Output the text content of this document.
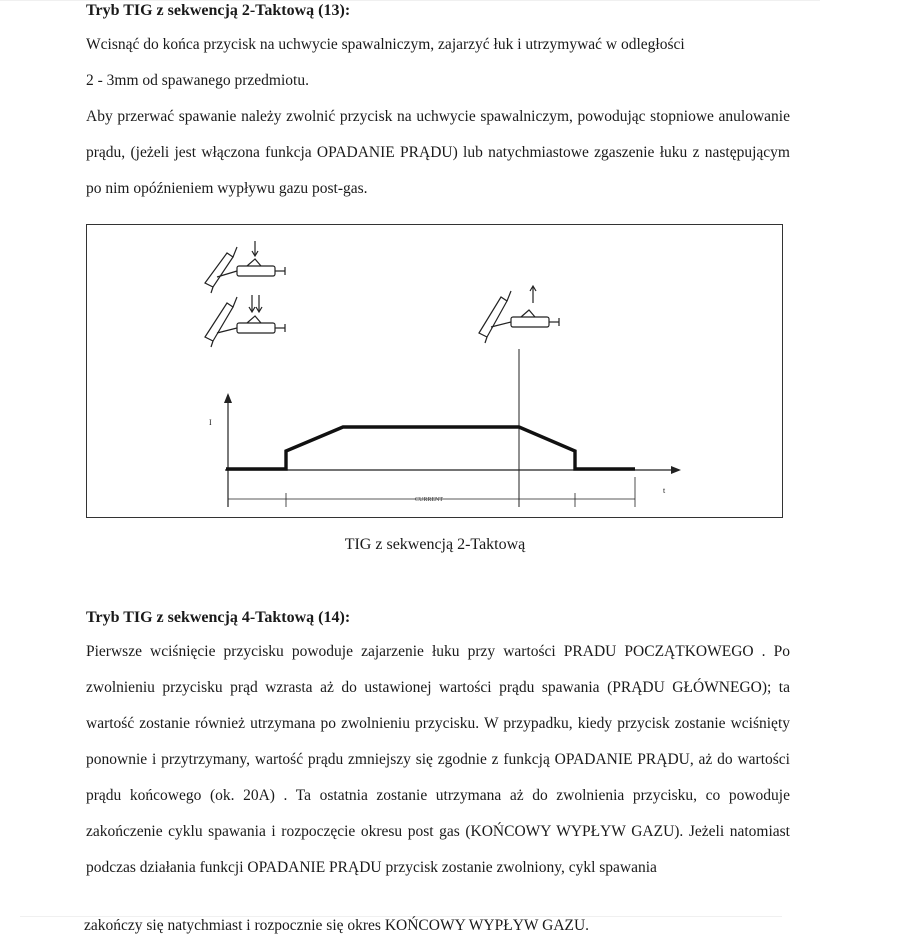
Tryb TIG z sekwencją 2-Taktową (13):

Wcisnąć do końca przycisk na uchwycie spawalniczym, zajarzyć łuk i utrzymywać w odległości

2 - 3mm od spawanego przedmiotu.

Aby przerwać spawanie należy zwolnić przycisk na uchwycie spawalniczym, powodując stopniowe anulowanie prądu, (jeżeli jest włączona funkcja OPADANIE PRĄDU) lub natychmiastowe zgaszenie łuku z następującym po nim opóźnieniem wypływu gazu post-gas.

I
t
CURRENT

TIG z sekwencją 2-Taktową

Tryb TIG z sekwencją 4-Taktową (14):

Pierwsze wciśnięcie przycisku powoduje zajarzenie łuku przy wartości PRADU POCZĄTKOWEGO . Po zwolnieniu przycisku prąd wzrasta aż do ustawionej wartości prądu spawania (PRĄDU GŁÓWNEGO); ta wartość zostanie również utrzymana po zwolnieniu przycisku. W przypadku, kiedy przycisk zostanie wciśnięty ponownie i przytrzymany, wartość prądu zmniejszy się zgodnie z funkcją OPADANIE PRĄDU, aż do wartości prądu końcowego (ok. 20A) . Ta ostatnia zostanie utrzymana aż do zwolnienia przycisku, co powoduje zakończenie cyklu spawania i rozpoczęcie okresu post gas (KOŃCOWY WYPŁYW GAZU). Jeżeli natomiast podczas działania funkcji OPADANIE PRĄDU przycisk zostanie zwolniony, cykl spawania

zakończy się natychmiast i rozpocznie się okres KOŃCOWY WYPŁYW GAZU.
